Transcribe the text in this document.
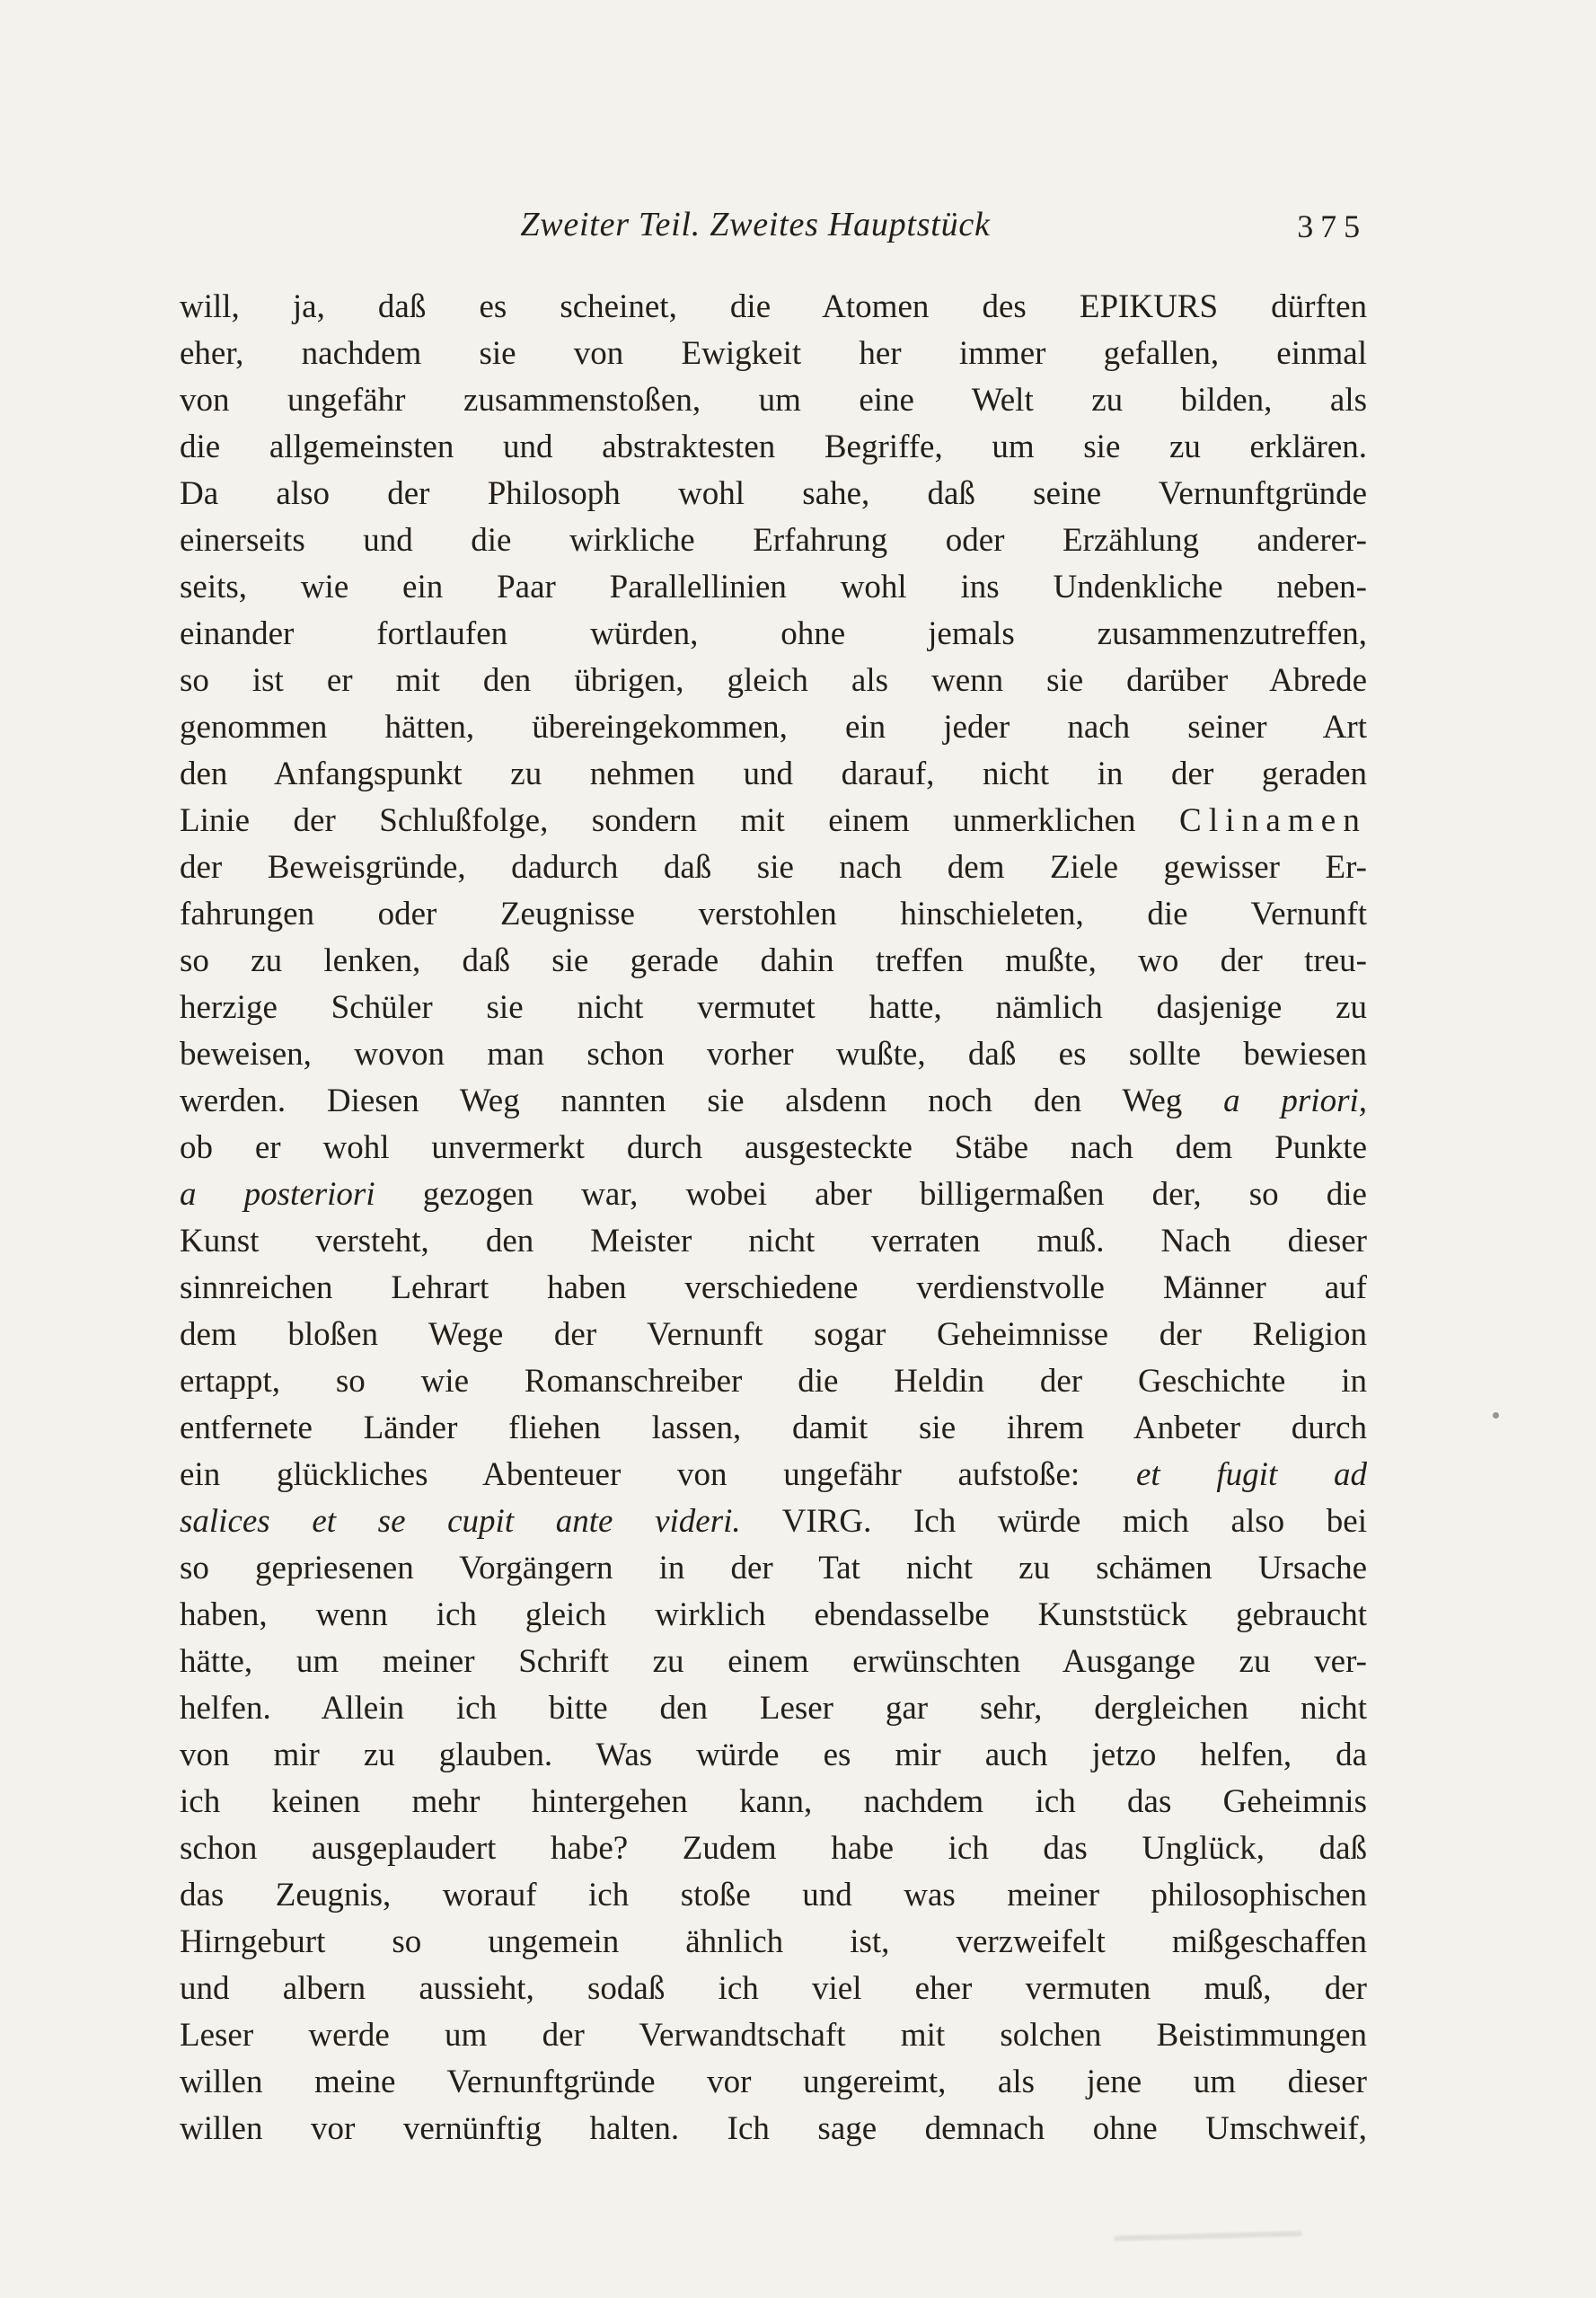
Zweiter Teil. Zweites Hauptstück	375
will, ja, daß es scheinet, die Atomen des EPIKURS dürften
eher, nachdem sie von Ewigkeit her immer gefallen, einmal
von ungefähr zusammenstoßen, um eine Welt zu bilden, als
die allgemeinsten und abstraktesten Begriffe, um sie zu erklären.
Da also der Philosoph wohl sahe, daß seine Vernunftgründe
einerseits und die wirkliche Erfahrung oder Erzählung anderer-
seits, wie ein Paar Parallellinien wohl ins Undenkliche neben-
einander fortlaufen würden, ohne jemals zusammenzutreffen,
so ist er mit den übrigen, gleich als wenn sie darüber Abrede
genommen hätten, übereingekommen, ein jeder nach seiner Art
den Anfangspunkt zu nehmen und darauf, nicht in der geraden
Linie der Schlußfolge, sondern mit einem unmerklichen Clinamen
der Beweisgründe, dadurch daß sie nach dem Ziele gewisser Er-
fahrungen oder Zeugnisse verstohlen hinschieleten, die Vernunft
so zu lenken, daß sie gerade dahin treffen mußte, wo der treu-
herzige Schüler sie nicht vermutet hatte, nämlich dasjenige zu
beweisen, wovon man schon vorher wußte, daß es sollte bewiesen
werden. Diesen Weg nannten sie alsdenn noch den Weg a priori,
ob er wohl unvermerkt durch ausgesteckte Stäbe nach dem Punkte
a posteriori gezogen war, wobei aber billigermaßen der, so die
Kunst versteht, den Meister nicht verraten muß. Nach dieser
sinnreichen Lehrart haben verschiedene verdienstvolle Männer auf
dem bloßen Wege der Vernunft sogar Geheimnisse der Religion
ertappt, so wie Romanschreiber die Heldin der Geschichte in
entfernete Länder fliehen lassen, damit sie ihrem Anbeter durch
ein glückliches Abenteuer von ungefähr aufstoße: et fugit ad
salices et se cupit ante videri. VIRG. Ich würde mich also bei
so gepriesenen Vorgängern in der Tat nicht zu schämen Ursache
haben, wenn ich gleich wirklich ebendasselbe Kunststück gebraucht
hätte, um meiner Schrift zu einem erwünschten Ausgange zu ver-
helfen. Allein ich bitte den Leser gar sehr, dergleichen nicht
von mir zu glauben. Was würde es mir auch jetzo helfen, da
ich keinen mehr hintergehen kann, nachdem ich das Geheimnis
schon ausgeplaudert habe? Zudem habe ich das Unglück, daß
das Zeugnis, worauf ich stoße und was meiner philosophischen
Hirngeburt so ungemein ähnlich ist, verzweifelt mißgeschaffen
und albern aussieht, sodaß ich viel eher vermuten muß, der
Leser werde um der Verwandtschaft mit solchen Beistimmungen
willen meine Vernunftgründe vor ungereimt, als jene um dieser
willen vor vernünftig halten. Ich sage demnach ohne Umschweif,
